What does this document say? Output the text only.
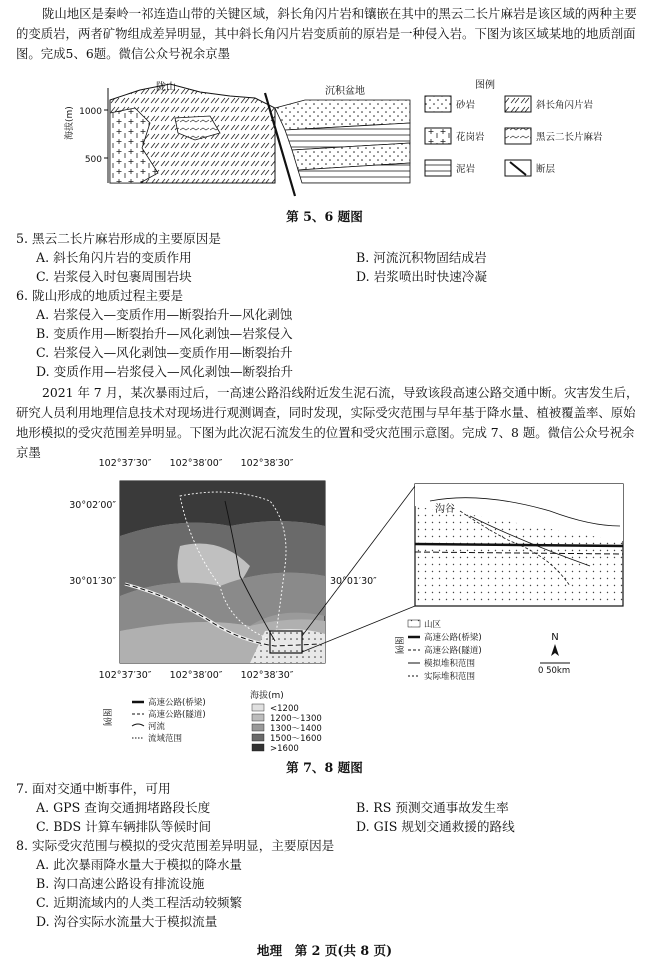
陇山地区是秦岭一祁连造山带的关键区域，斜长角闪片岩和镶嵌在其中的黑云二长片麻岩是该区域的两种主要的变质岩，两者矿物组成差异明显，其中斜长角闪片岩变质前的原岩是一种侵入岩。下图为该区域某地的地质剖面图。完成5、6题。微信公众号祝余京墨
1000
500
海拔(m)
陇山	沉积盆地
图例
砂岩	斜长角闪片岩
花岗岩	黑云二长片麻岩
泥岩	断层
第 5、6 题图
5. 黑云二长片麻岩形成的主要原因是
A. 斜长角闪片岩的变质作用	B. 河流沉积物固结成岩
C. 岩浆侵入时包裹周围岩块	D. 岩浆喷出时快速冷凝
6. 陇山形成的地质过程主要是
A. 岩浆侵入—变质作用—断裂抬升—风化剥蚀
B. 变质作用—断裂抬升—风化剥蚀—岩浆侵入
C. 岩浆侵入—风化剥蚀—变质作用—断裂抬升
D. 变质作用—岩浆侵入—风化剥蚀—断裂抬升
2021 年 7 月，某次暴雨过后，一高速公路沿线附近发生泥石流，导致该段高速公路交通中断。灾害发生后，研究人员利用地理信息技术对现场进行观测调查，同时发现，实际受灾范围与早年基于降水量、植被覆盖率、原始地形模拟的受灾范围差异明显。下图为此次泥石流发生的位置和受灾范围示意图。完成 7、8 题。微信公众号祝余京墨
102°37′30″ 102°38′00″ 102°38′30″
30°02′00″
30°01′30″	30°01′30″
102°37′30″ 102°38′00″ 102°38′30″
沟谷
图例
山区
高速公路(桥梁)
高速公路(隧道)
模拟堆积范围
实际堆积范围
N
0 50km
图例
高速公路(桥梁)
高速公路(隧道)
河流
流域范围
海拔(m)
<1200
1200～1300
1300～1400
1500～1600
>1600
第 7、8 题图
7. 面对交通中断事件，可用
A. GPS 查询交通拥堵路段长度	B. RS 预测交通事故发生率
C. BDS 计算车辆排队等候时间	D. GIS 规划交通救援的路线
8. 实际受灾范围与模拟的受灾范围差异明显，主要原因是
A. 此次暴雨降水量大于模拟的降水量
B. 沟口高速公路设有排流设施
C. 近期流域内的人类工程活动较频繁
D. 沟谷实际水流量大于模拟流量
地理　第 2 页(共 8 页)
